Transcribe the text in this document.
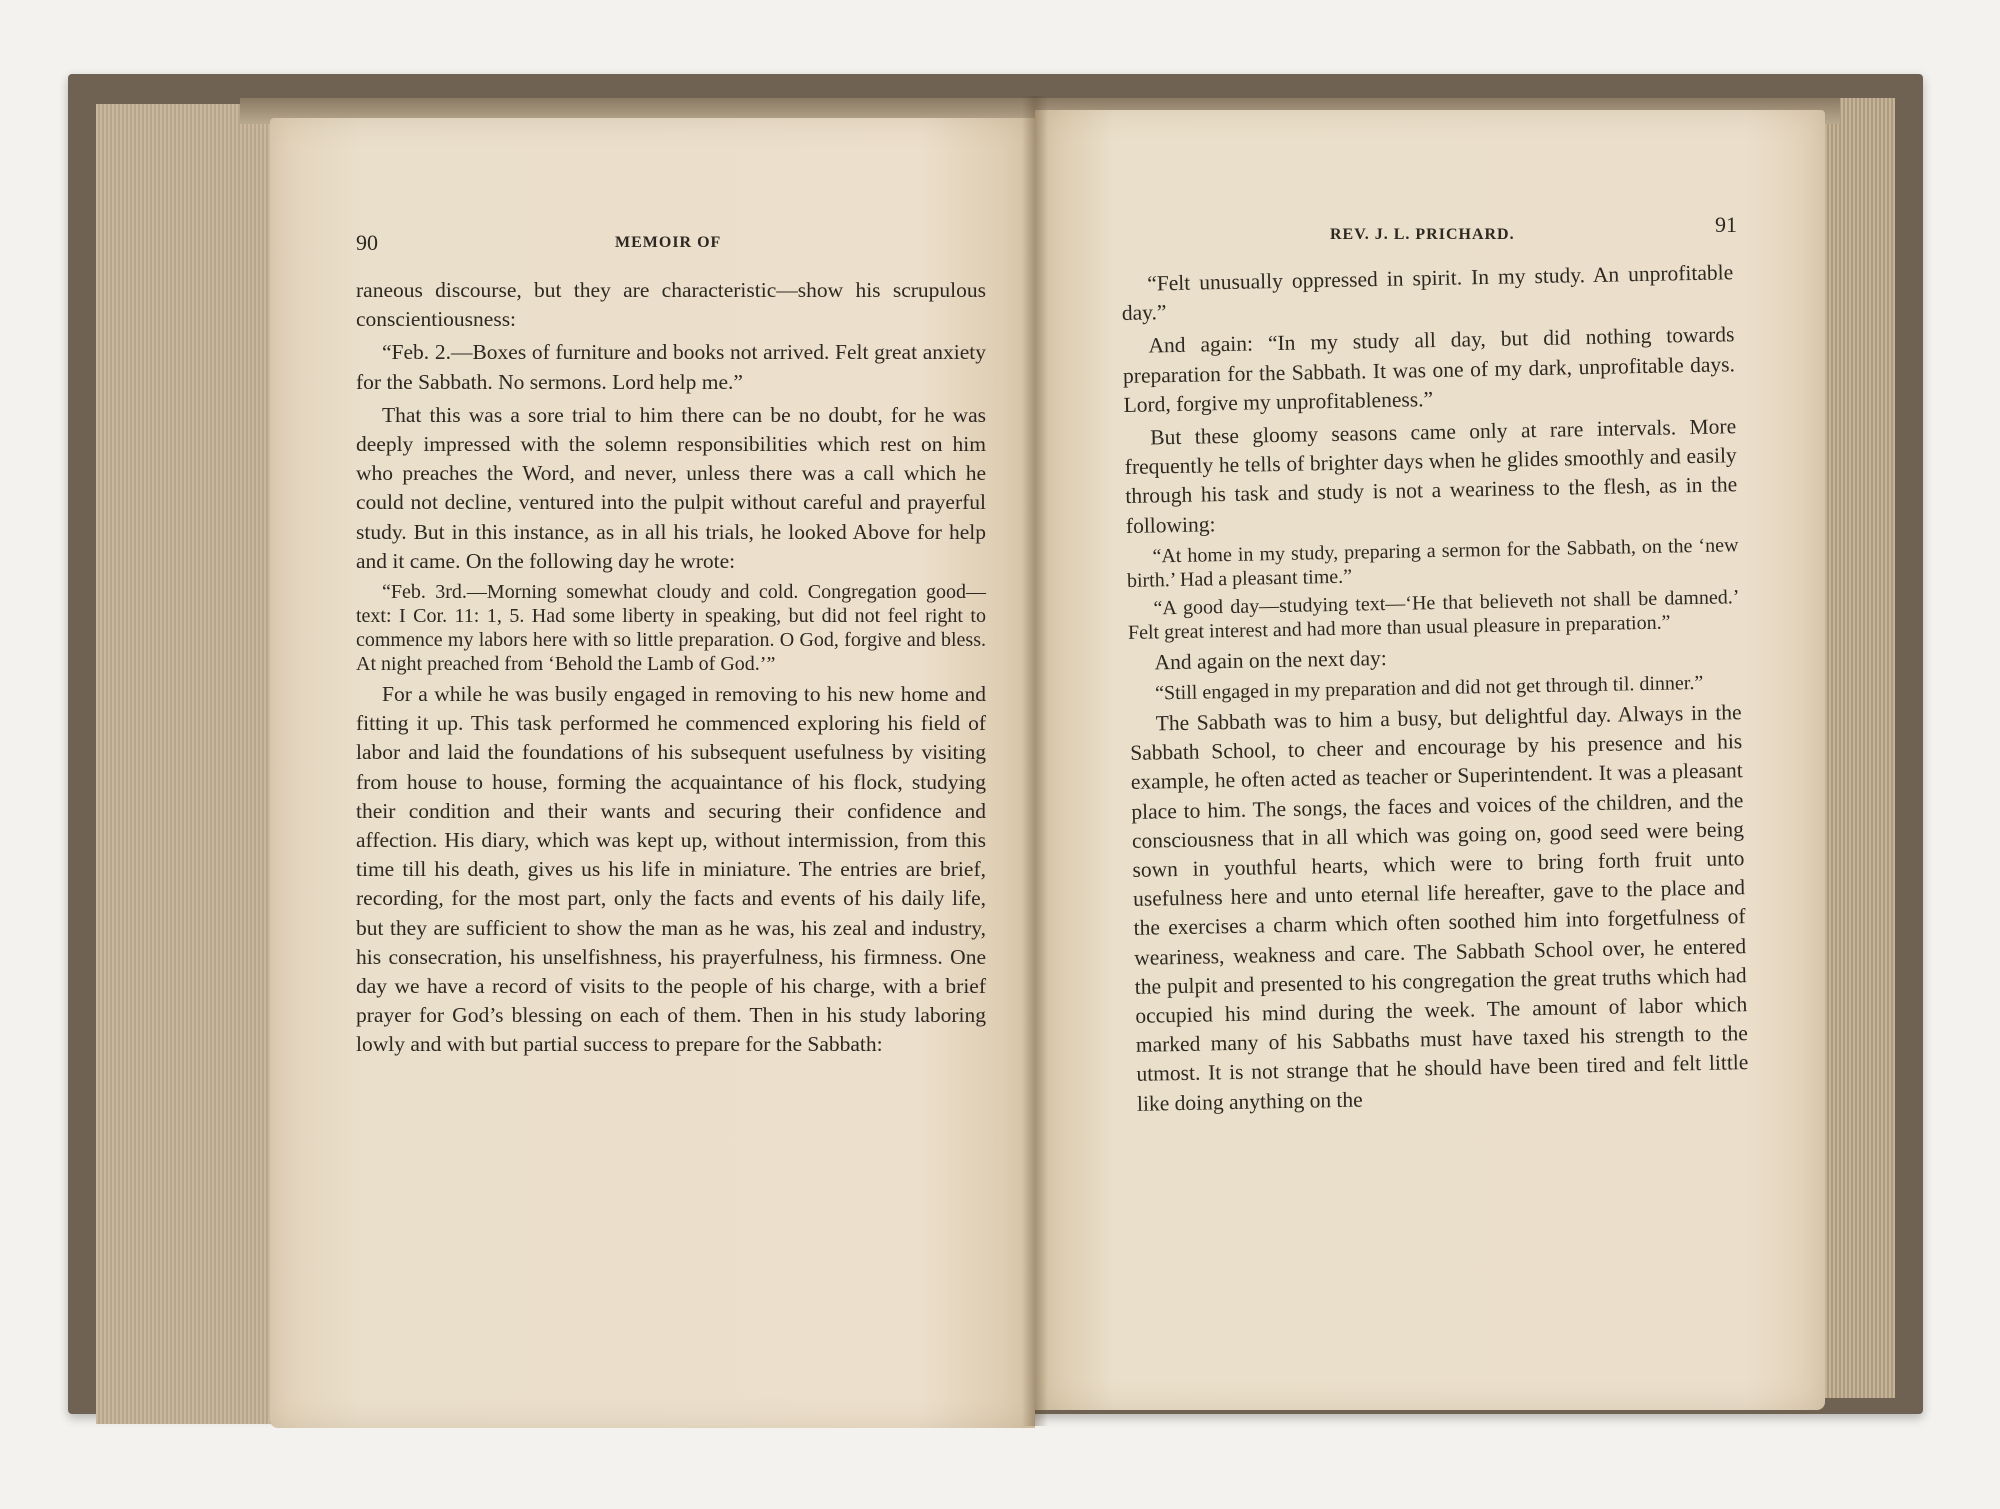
90	MEMOIR OF

raneous discourse, but they are characteristic—show his scrupulous conscientiousness:

“Feb. 2.—Boxes of furniture and books not arrived. Felt great anxiety for the Sabbath. No sermons. Lord help me.”

That this was a sore trial to him there can be no doubt, for he was deeply impressed with the solemn responsibilities which rest on him who preaches the Word, and never, unless there was a call which he could not decline, ventured into the pulpit without careful and prayerful study. But in this instance, as in all his trials, he looked Above for help and it came. On the following day he wrote:

“Feb. 3rd.—Morning somewhat cloudy and cold. Congregation good—text: I Cor. 11: 1, 5. Had some liberty in speaking, but did not feel right to commence my labors here with so little preparation. O God, forgive and bless. At night preached from ‘Behold the Lamb of God.’”

For a while he was busily engaged in removing to his new home and fitting it up. This task performed he commenced exploring his field of labor and laid the foundations of his subsequent usefulness by visiting from house to house, forming the acquaintance of his flock, studying their condition and their wants and securing their confidence and affection. His diary, which was kept up, without intermission, from this time till his death, gives us his life in miniature. The entries are brief, recording, for the most part, only the facts and events of his daily life, but they are sufficient to show the man as he was, his zeal and industry, his consecration, his unselfishness, his prayerfulness, his firmness. One day we have a record of visits to the people of his charge, with a brief prayer for God’s blessing on each of them. Then in his study laboring lowly and with but partial success to prepare for the Sabbath:

REV. J. L. PRICHARD.	91

“Felt unusually oppressed in spirit. In my study. An unprofitable day.”

And again: “In my study all day, but did nothing towards preparation for the Sabbath. It was one of my dark, unprofitable days. Lord, forgive my unprofitableness.”

But these gloomy seasons came only at rare intervals. More frequently he tells of brighter days when he glides smoothly and easily through his task and study is not a weariness to the flesh, as in the following:

“At home in my study, preparing a sermon for the Sabbath, on the ‘new birth.’ Had a pleasant time.”

“A good day—studying text—‘He that believeth not shall be damned.’ Felt great interest and had more than usual pleasure in preparation.”

And again on the next day:

“Still engaged in my preparation and did not get through til. dinner.”

The Sabbath was to him a busy, but delightful day. Always in the Sabbath School, to cheer and encourage by his presence and his example, he often acted as teacher or Superintendent. It was a pleasant place to him. The songs, the faces and voices of the children, and the consciousness that in all which was going on, good seed were being sown in youthful hearts, which were to bring forth fruit unto usefulness here and unto eternal life hereafter, gave to the place and the exercises a charm which often soothed him into forgetfulness of weariness, weakness and care. The Sabbath School over, he entered the pulpit and presented to his congregation the great truths which had occupied his mind during the week. The amount of labor which marked many of his Sabbaths must have taxed his strength to the utmost. It is not strange that he should have been tired and felt little like doing anything on the
